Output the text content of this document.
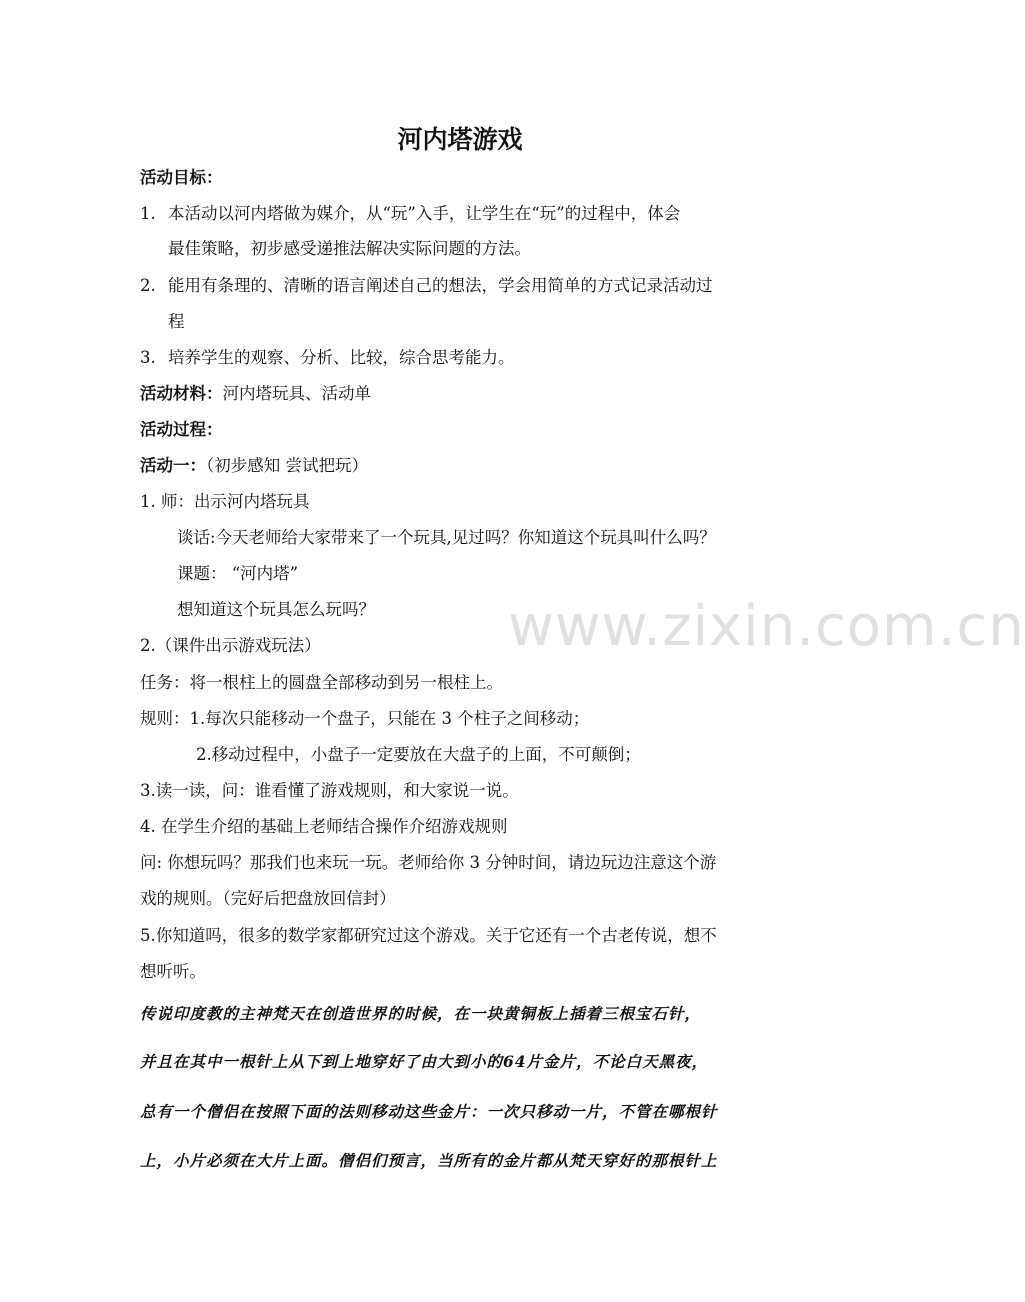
河内塔游戏
活动目标：
1. 本活动以河内塔做为媒介，从“玩”入手，让学生在“玩”的过程中，体会
最佳策略，初步感受递推法解决实际问题的方法。
2. 能用有条理的、清晰的语言阐述自己的想法，学会用简单的方式记录活动过
程
3. 培养学生的观察、分析、比较，综合思考能力。
活动材料：河内塔玩具、活动单
活动过程：
活动一：（初步感知 尝试把玩）
1. 师：出示河内塔玩具
谈话:今天老师给大家带来了一个玩具,见过吗？你知道这个玩具叫什么吗？
课题： “河内塔”
想知道这个玩具怎么玩吗？
2.（课件出示游戏玩法）
任务：将一根柱上的圆盘全部移动到另一根柱上。
规则：1.每次只能移动一个盘子，只能在 3 个柱子之间移动；
2.移动过程中，小盘子一定要放在大盘子的上面，不可颠倒；
3.读一读，问：谁看懂了游戏规则，和大家说一说。
4. 在学生介绍的基础上老师结合操作介绍游戏规则
问: 你想玩吗？那我们也来玩一玩。老师给你 3 分钟时间，请边玩边注意这个游
戏的规则。（完好后把盘放回信封）
5.你知道吗，很多的数学家都研究过这个游戏。关于它还有一个古老传说，想不
想听听。
传说印度教的主神梵天在创造世界的时候，在一块黄铜板上插着三根宝石针，
并且在其中一根针上从下到上地穿好了由大到小的64片金片，不论白天黑夜，
总有一个僧侣在按照下面的法则移动这些金片：一次只移动一片，不管在哪根针
上，小片必须在大片上面。僧侣们预言，当所有的金片都从梵天穿好的那根针上
www.zixin.com.cn
